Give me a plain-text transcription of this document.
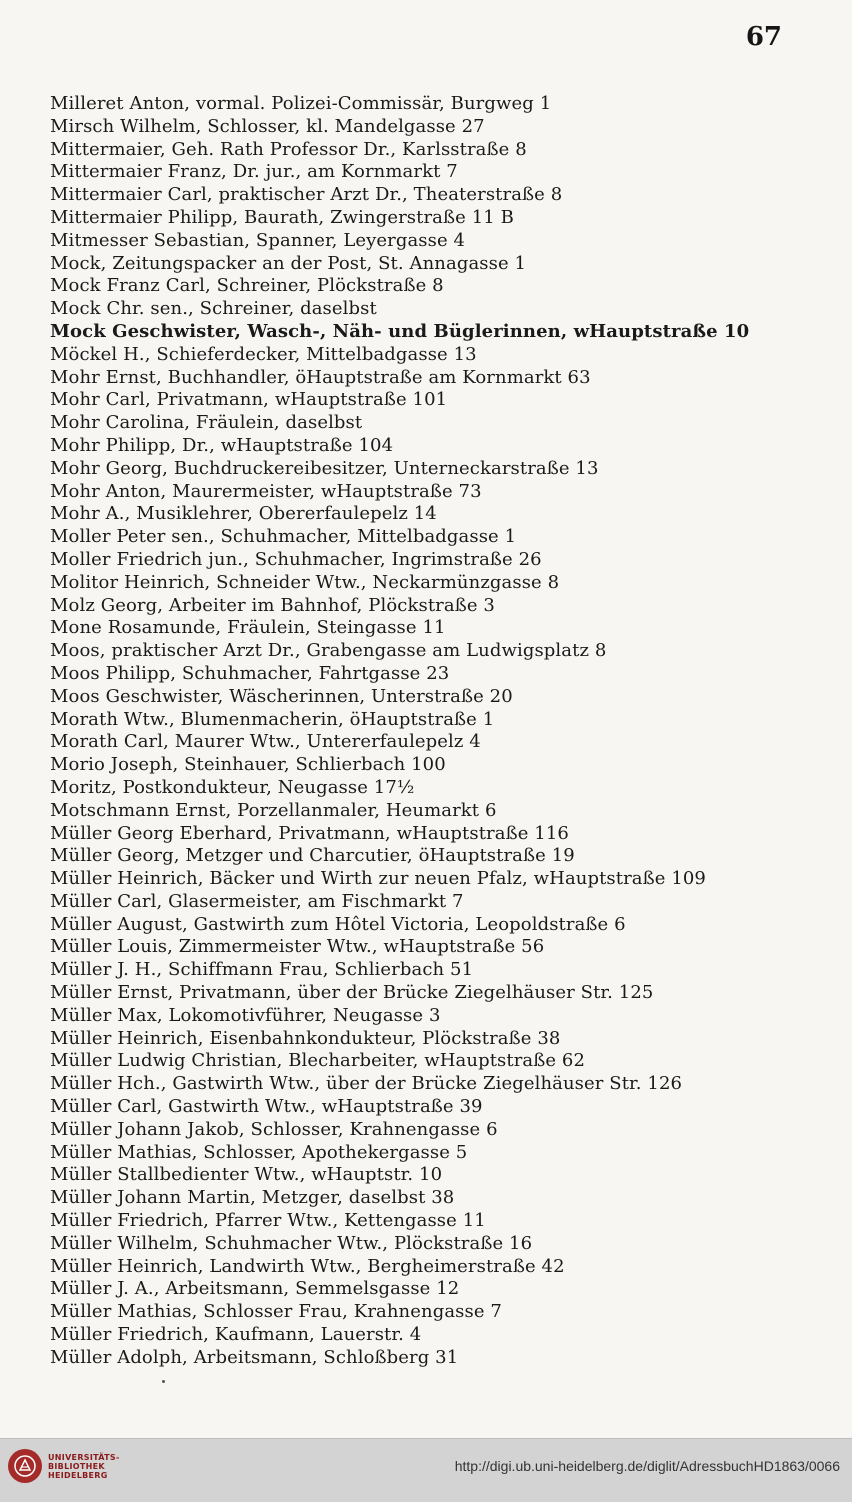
67
Milleret Anton, vormal. Polizei-Commissär, Burgweg 1
Mirsch Wilhelm, Schlosser, kl. Mandelgasse 27
Mittermaier, Geh. Rath Professor Dr., Karlsstraße 8
Mittermaier Franz, Dr. jur., am Kornmarkt 7
Mittermaier Carl, praktischer Arzt Dr., Theaterstraße 8
Mittermaier Philipp, Baurath, Zwingerstraße 11 B
Mitmesser Sebastian, Spanner, Leyergasse 4
Mock, Zeitungspacker an der Post, St. Annagasse 1
Mock Franz Carl, Schreiner, Plöckstraße 8
Mock Chr. sen., Schreiner, daselbst
Mock Geschwister, Wasch-, Näh- und Büglerinnen, wHauptstraße 10
Möckel H., Schieferdecker, Mittelbadgasse 13
Mohr Ernst, Buchhandler, öHauptstraße am Kornmarkt 63
Mohr Carl, Privatmann, wHauptstraße 101
Mohr Carolina, Fräulein, daselbst
Mohr Philipp, Dr., wHauptstraße 104
Mohr Georg, Buchdruckereibesitzer, Unterneckarstraße 13
Mohr Anton, Maurermeister, wHauptstraße 73
Mohr A., Musiklehrer, Obererfaulepelz 14
Moller Peter sen., Schuhmacher, Mittelbadgasse 1
Moller Friedrich jun., Schuhmacher, Ingrimstraße 26
Molitor Heinrich, Schneider Wtw., Neckarmünzgasse 8
Molz Georg, Arbeiter im Bahnhof, Plöckstraße 3
Mone Rosamunde, Fräulein, Steingasse 11
Moos, praktischer Arzt Dr., Grabengasse am Ludwigsplatz 8
Moos Philipp, Schuhmacher, Fahrtgasse 23
Moos Geschwister, Wäscherinnen, Unterstraße 20
Morath Wtw., Blumenmacherin, öHauptstraße 1
Morath Carl, Maurer Wtw., Untererfaulepelz 4
Morio Joseph, Steinhauer, Schlierbach 100
Moritz, Postkondukteur, Neugasse 17½
Motschmann Ernst, Porzellanmaler, Heumarkt 6
Müller Georg Eberhard, Privatmann, wHauptstraße 116
Müller Georg, Metzger und Charcutier, öHauptstraße 19
Müller Heinrich, Bäcker und Wirth zur neuen Pfalz, wHauptstraße 109
Müller Carl, Glasermeister, am Fischmarkt 7
Müller August, Gastwirth zum Hôtel Victoria, Leopoldstraße 6
Müller Louis, Zimmermeister Wtw., wHauptstraße 56
Müller J. H., Schiffmann Frau, Schlierbach 51
Müller Ernst, Privatmann, über der Brücke Ziegelhäuser Str. 125
Müller Max, Lokomotivführer, Neugasse 3
Müller Heinrich, Eisenbahnkondukteur, Plöckstraße 38
Müller Ludwig Christian, Blecharbeiter, wHauptstraße 62
Müller Hch., Gastwirth Wtw., über der Brücke Ziegelhäuser Str. 126
Müller Carl, Gastwirth Wtw., wHauptstraße 39
Müller Johann Jakob, Schlosser, Krahnengasse 6
Müller Mathias, Schlosser, Apothekergasse 5
Müller Stallbedienter Wtw., wHauptstr. 10
Müller Johann Martin, Metzger, daselbst 38
Müller Friedrich, Pfarrer Wtw., Kettengasse 11
Müller Wilhelm, Schuhmacher Wtw., Plöckstraße 16
Müller Heinrich, Landwirth Wtw., Bergheimerstraße 42
Müller J. A., Arbeitsmann, Semmelsgasse 12
Müller Mathias, Schlosser Frau, Krahnengasse 7
Müller Friedrich, Kaufmann, Lauerstr. 4
Müller Adolph, Arbeitsmann, Schloßberg 31
UNIVERSITÄTS-
BIBLIOTHEK
HEIDELBERG
http://digi.ub.uni-heidelberg.de/diglit/AdressbuchHD1863/0066
